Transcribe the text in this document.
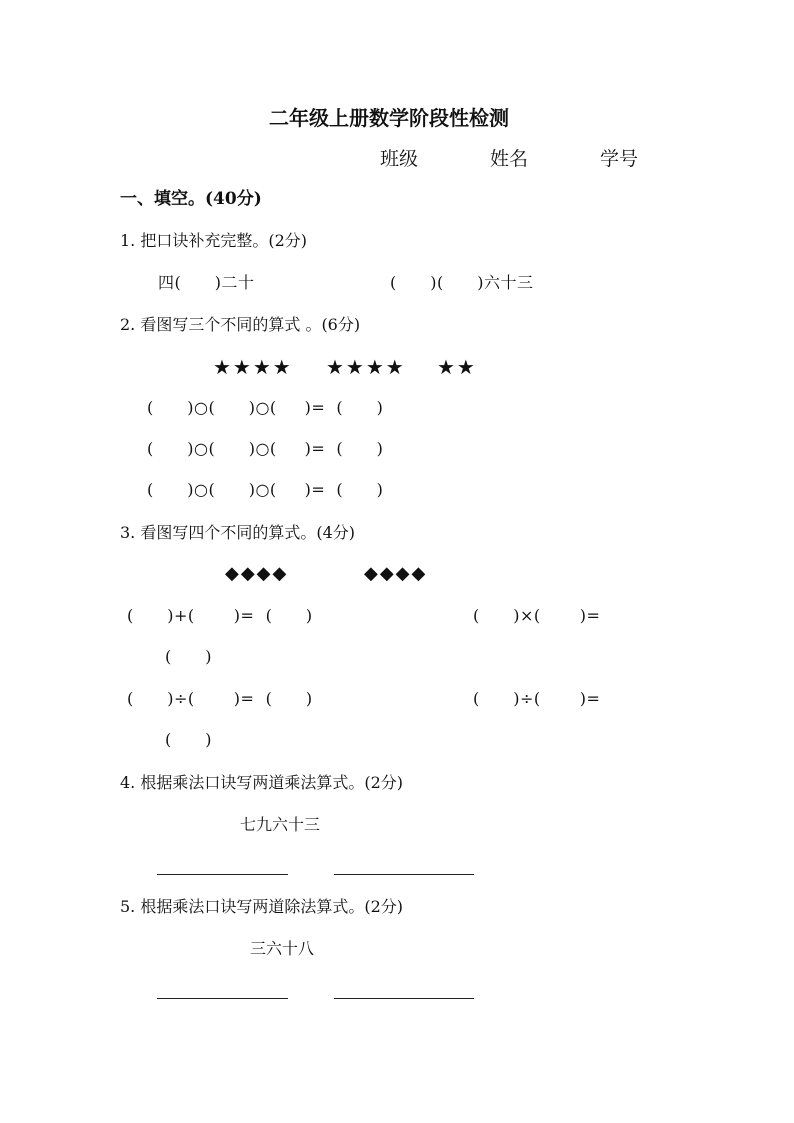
二年级上册数学阶段性检测
班级	姓名	学号
一、填空。(40分)
1. 把口诀补充完整。(2分)
四(      )二十	(      )(      )六十三
2. 看图写三个不同的算式 。(6分)
★★★★ ★★★★ ★★
(      )○(      )○(     )=  (      )
(      )○(      )○(     )=  (      )
(      )○(      )○(     )=  (      )
3. 看图写四个不同的算式。(4分)
◆◆◆◆	◆◆◆◆
(      )+(       )=  (      )	(      )×(       )=
(      )
(      )÷(       )=  (      )	(      )÷(       )=
(      )
4. 根据乘法口诀写两道乘法算式。(2分)
七九六十三
5. 根据乘法口诀写两道除法算式。(2分)
三六十八
